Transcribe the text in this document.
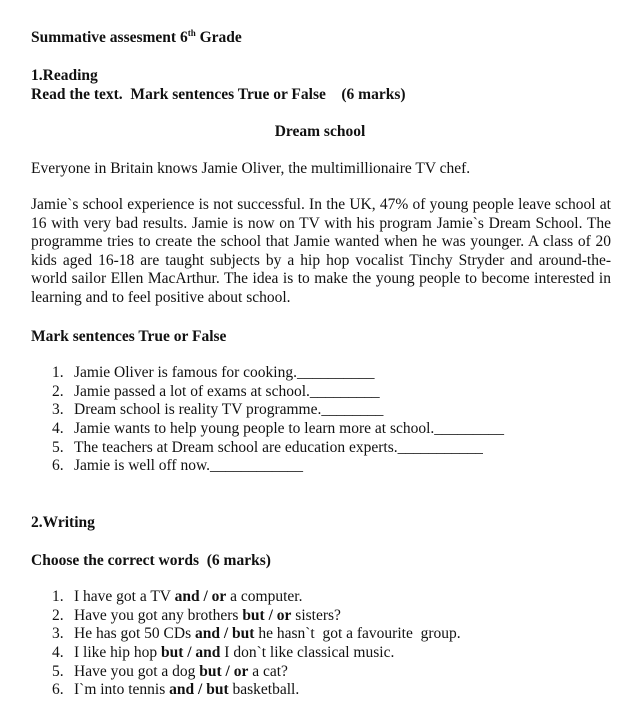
Summative assesment 6th Grade
1.Reading
Read the text.  Mark sentences True or False    (6 marks)
Dream school
Everyone in Britain knows Jamie Oliver, the multimillionaire TV chef.
Jamie`s school experience is not successful. In the UK, 47% of young people leave school at 16 with very bad results. Jamie is now on TV with his program Jamie`s Dream School. The programme tries to create the school that Jamie wanted when he was younger. A class of 20 kids aged 16-18 are taught subjects by a hip hop vocalist Tinchy Stryder and around-the-world sailor Ellen MacArthur. The idea is to make the young people to become interested in learning and to feel positive about school.
Mark sentences True or False
1. Jamie Oliver is famous for cooking.__________
2. Jamie passed a lot of exams at school._________
3. Dream school is reality TV programme.________
4. Jamie wants to help young people to learn more at school._________
5. The teachers at Dream school are education experts.___________
6. Jamie is well off now.____________
2.Writing
Choose the correct words  (6 marks)
1. I have got a TV and / or a computer.
2. Have you got any brothers but / or sisters?
3. He has got 50 CDs and / but he hasn`t  got a favourite  group.
4. I like hip hop but / and I don`t like classical music.
5. Have you got a dog but / or a cat?
6. I`m into tennis and / but basketball.
